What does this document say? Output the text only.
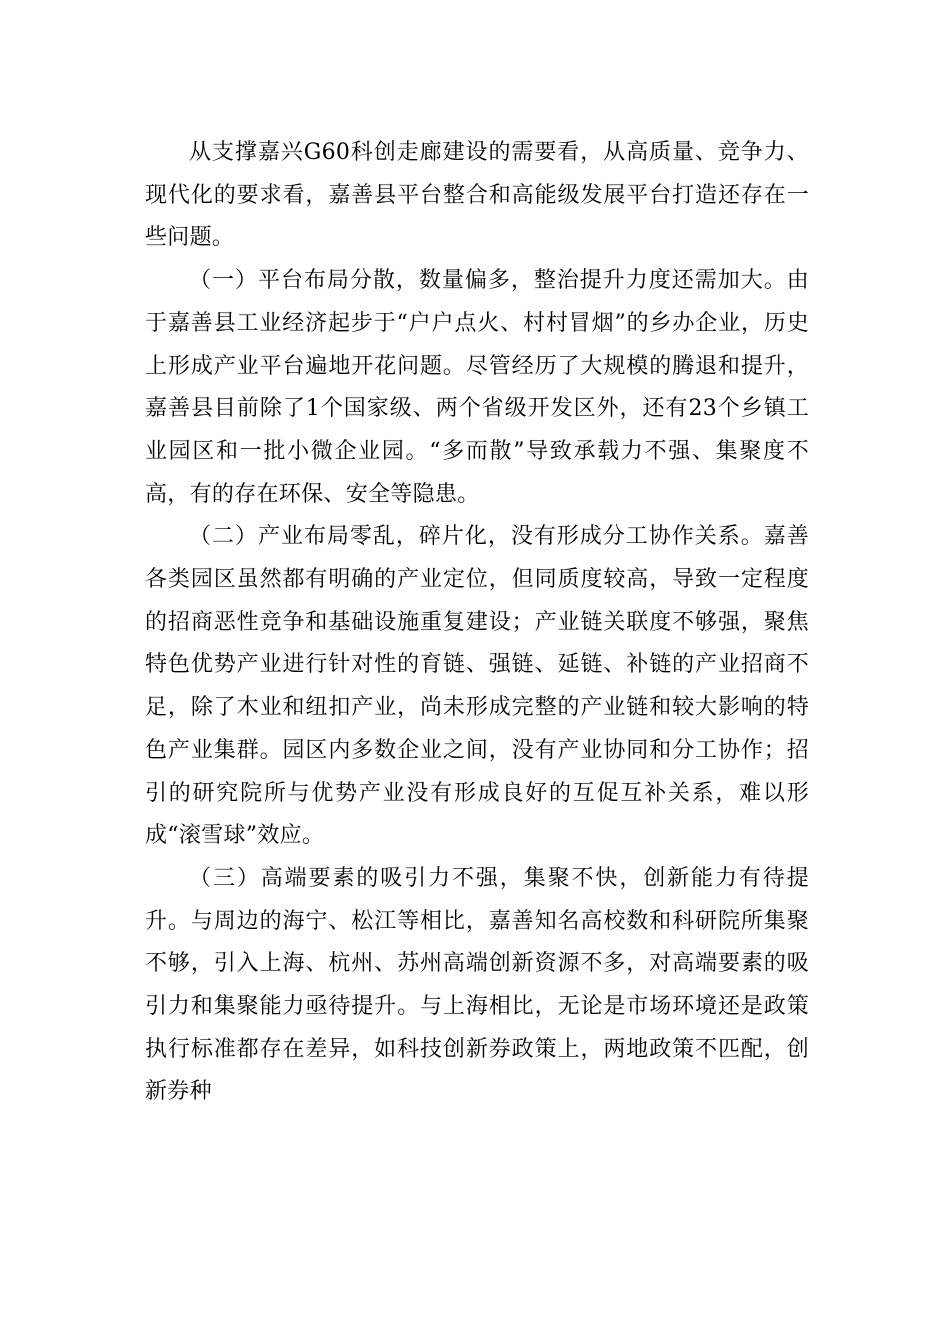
从支撑嘉兴G60科创走廊建设的需要看，从高质量、竞争力、现代化的要求看，嘉善县平台整合和高能级发展平台打造还存在一些问题。

（一）平台布局分散，数量偏多，整治提升力度还需加大。由于嘉善县工业经济起步于“户户点火、村村冒烟”的乡办企业，历史上形成产业平台遍地开花问题。尽管经历了大规模的腾退和提升，嘉善县目前除了1个国家级、两个省级开发区外，还有23个乡镇工业园区和一批小微企业园。“多而散”导致承载力不强、集聚度不高，有的存在环保、安全等隐患。

（二）产业布局零乱，碎片化，没有形成分工协作关系。嘉善各类园区虽然都有明确的产业定位，但同质度较高，导致一定程度的招商恶性竞争和基础设施重复建设；产业链关联度不够强，聚焦特色优势产业进行针对性的育链、强链、延链、补链的产业招商不足，除了木业和纽扣产业，尚未形成完整的产业链和较大影响的特色产业集群。园区内多数企业之间，没有产业协同和分工协作；招引的研究院所与优势产业没有形成良好的互促互补关系，难以形成“滚雪球”效应。

（三）高端要素的吸引力不强，集聚不快，创新能力有待提升。与周边的海宁、松江等相比，嘉善知名高校数和科研院所集聚不够，引入上海、杭州、苏州高端创新资源不多，对高端要素的吸引力和集聚能力亟待提升。与上海相比，无论是市场环境还是政策执行标准都存在差异，如科技创新券政策上，两地政策不匹配，创新券种
